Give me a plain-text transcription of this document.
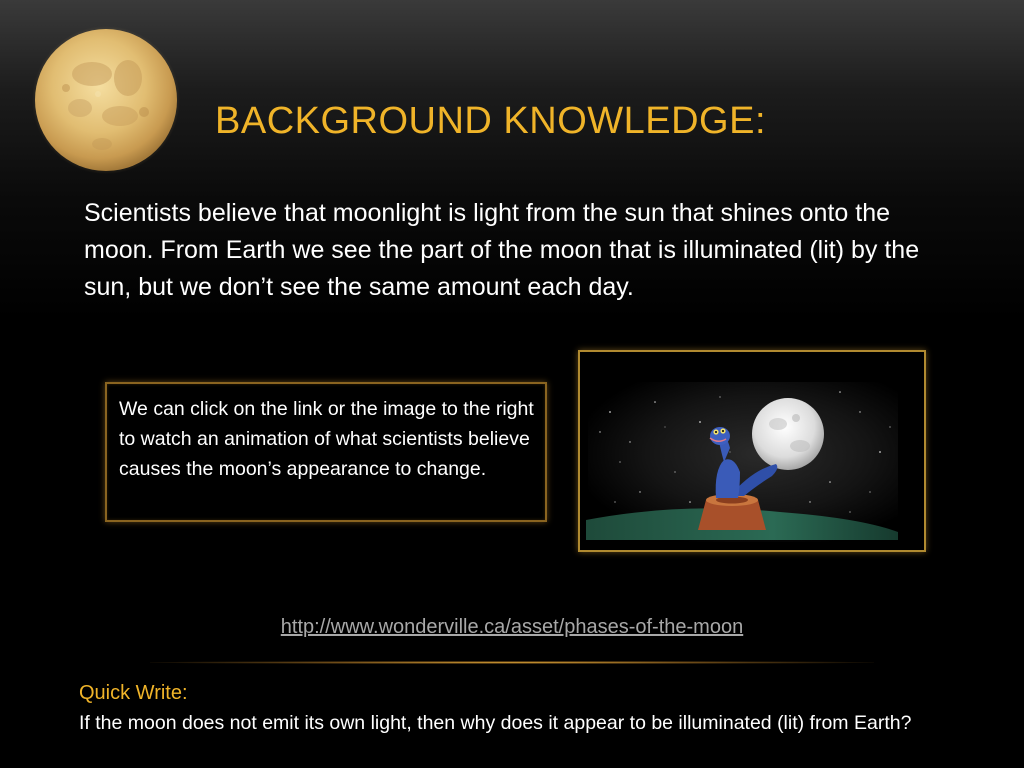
BACKGROUND KNOWLEDGE:
Scientists believe that moonlight is light from the sun that shines onto the moon. From Earth we see the part of the moon that is illuminated (lit) by the sun, but we don’t see the same amount each day.
We can click on the link or the image to the right to watch an animation of what scientists believe causes the moon’s appearance to change.
http://www.wonderville.ca/asset/phases-of-the-moon
Quick Write:
If the moon does not emit its own light, then why does it appear to be illuminated (lit) from Earth?
